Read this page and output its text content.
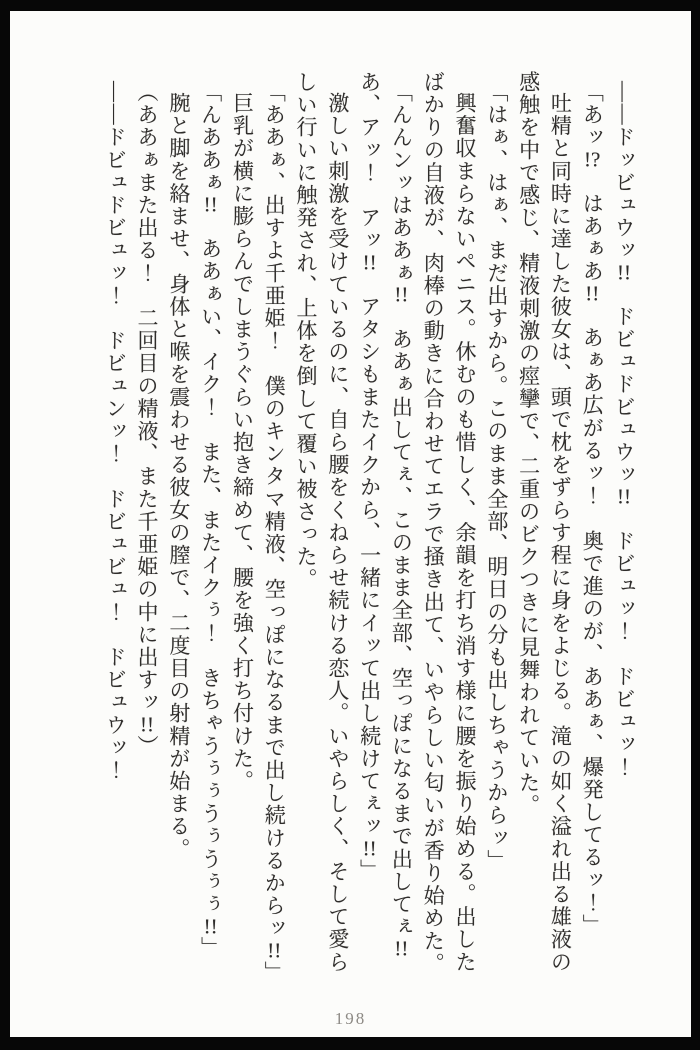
――ドッビュウッ!!　ドビュドビュウッ!!　ドビュッ！　ドビュッ！
「あッ!?　はあぁあ!!　あぁあ広がるッ！　奥で進のが、ああぁ、爆発してるッ！」
吐精と同時に達した彼女は、頭で枕をずらす程に身をよじる。滝の如く溢れ出る雄液の
感触を中で感じ、精液刺激の痙攣で、二重のビクつきに見舞われていた。
「はぁ、はぁ、まだ出すから。このまま全部、明日の分も出しちゃうからッ」
興奮収まらないペニス。休むのも惜しく、余韻を打ち消す様に腰を振り始める。出した
ばかりの自液が、肉棒の動きに合わせてエラで掻き出て、いやらしい匂いが香り始めた。
「んんンッはああぁ!!　ああぁ出してぇ、このまま全部、空っぽになるまで出してぇ!!
あ、アッ！　アッ!!　アタシもまたイクから、一緒にイッて出し続けてぇッ!!」
激しい刺激を受けているのに、自ら腰をくねらせ続ける恋人。いやらしく、そして愛ら
しい行いに触発され、上体を倒して覆い被さった。
「ああぁ、出すよ千亜姫！　僕のキンタマ精液、空っぽになるまで出し続けるからッ!!」
巨乳が横に膨らんでしまうぐらい抱き締めて、腰を強く打ち付けた。
「んああぁ!!　ああぁい、イク！　また、またイクぅ！　きちゃうぅぅうぅうぅぅ!!」
腕と脚を絡ませ、身体と喉を震わせる彼女の膣で、二度目の射精が始まる。
（ああぁまた出る！　二回目の精液、また千亜姫の中に出すッ!!）
――ドビュドビュッ！　ドビュンッ！　ドビュビュ！　ドビュウッ！
198
